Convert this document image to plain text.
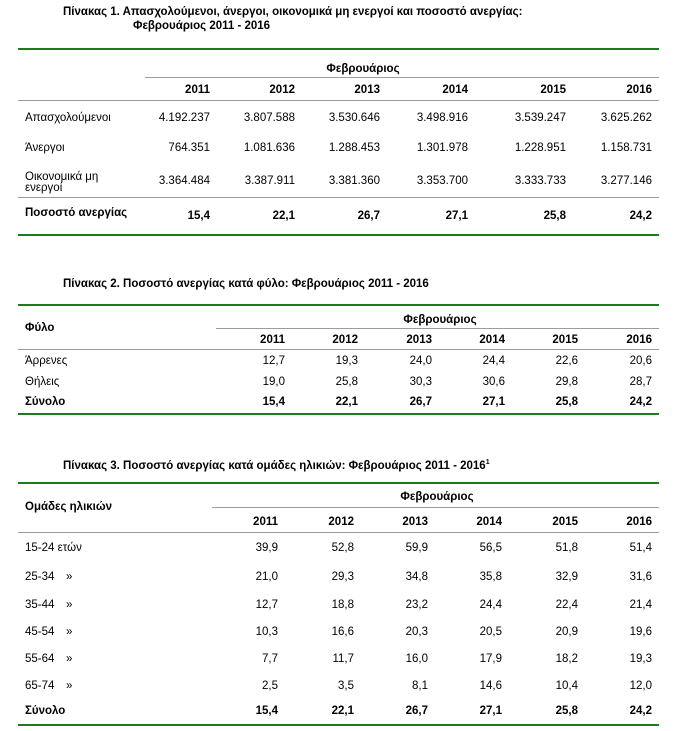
Πίνακας 1. Απασχολούμενοι, άνεργοι, οικονομικά μη ενεργοί και ποσοστό ανεργίας:
Φεβρουάριος 2011 - 2016
Φεβρουάριος
2011	2012	2013	2014	2015	2016
Απασχολούμενοι	4.192.237	3.807.588	3.530.646	3.498.916	3.539.247	3.625.262
Άνεργοι	764.351	1.081.636	1.288.453	1.301.978	1.228.951	1.158.731
Οικονομικά μη
ενεργοί
3.364.484	3.387.911	3.381.360	3.353.700	3.333.733	3.277.146
Ποσοστό ανεργίας	15,4	22,1	26,7	27,1	25,8	24,2
Πίνακας 2. Ποσοστό ανεργίας κατά φύλο: Φεβρουάριος 2011 - 2016
Φύλο
Φεβρουάριος
2011	2012	2013	2014	2015	2016
Άρρενες	12,7	19,3	24,0	24,4	22,6	20,6
Θήλεις	19,0	25,8	30,3	30,6	29,8	28,7
Σύνολο	15,4	22,1	26,7	27,1	25,8	24,2
Πίνακας 3. Ποσοστό ανεργίας κατά ομάδες ηλικιών: Φεβρουάριος 2011 - 2016$^1$
Ομάδες ηλικιών
Φεβρουάριος
2011	2012	2013	2014	2015	2016
15-24 ετών	39,9	52,8	59,9	56,5	51,8	51,4
25-34 »	21,0	29,3	34,8	35,8	32,9	31,6
35-44 »	12,7	18,8	23,2	24,4	22,4	21,4
45-54 »	10,3	16,6	20,3	20,5	20,9	19,6
55-64 »	7,7	11,7	16,0	17,9	18,2	19,3
65-74 »	2,5	3,5	8,1	14,6	10,4	12,0
Σύνολο	15,4	22,1	26,7	27,1	25,8	24,2
